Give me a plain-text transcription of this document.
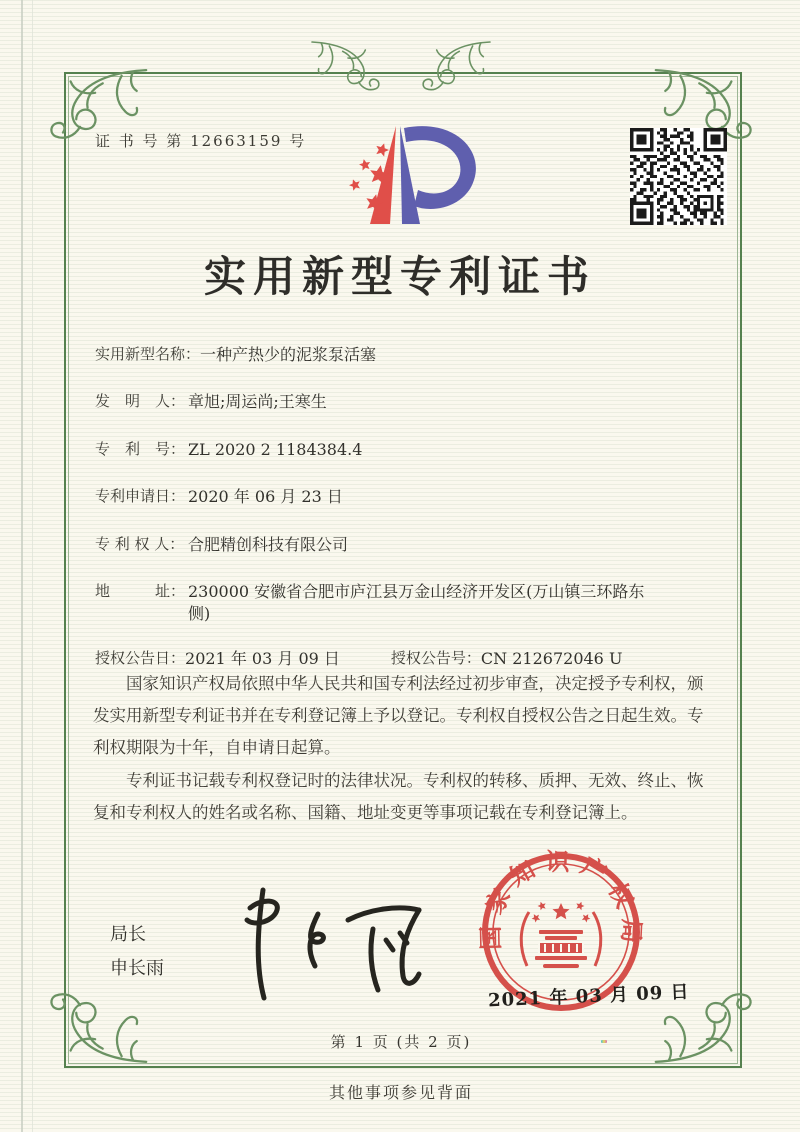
证 书 号 第 12663159 号
实用新型专利证书
实用新型名称： 一种产热少的泥浆泵活塞
发　明　人： 章旭;周运尚;王寒生
专　利　号： ZL 2020 2 1184384.4
专利申请日： 2020 年 06 月 23 日
专 利 权 人： 合肥精创科技有限公司
地　　　址： 230000 安徽省合肥市庐江县万金山经济开发区(万山镇三环路东侧)
授权公告日： 2021 年 03 月 09 日	授权公告号： CN 212672046 U

国家知识产权局依照中华人民共和国专利法经过初步审查，决定授予专利权，颁发实用新型专利证书并在专利登记簿上予以登记。专利权自授权公告之日起生效。专利权期限为十年，自申请日起算。

专利证书记载专利权登记时的法律状况。专利权的转移、质押、无效、终止、恢复和专利权人的姓名或名称、国籍、地址变更等事项记载在专利登记簿上。

局长
申长雨
国家知识产权局
2021 年 03 月 09 日
第 1 页 (共 2 页)
其他事项参见背面
